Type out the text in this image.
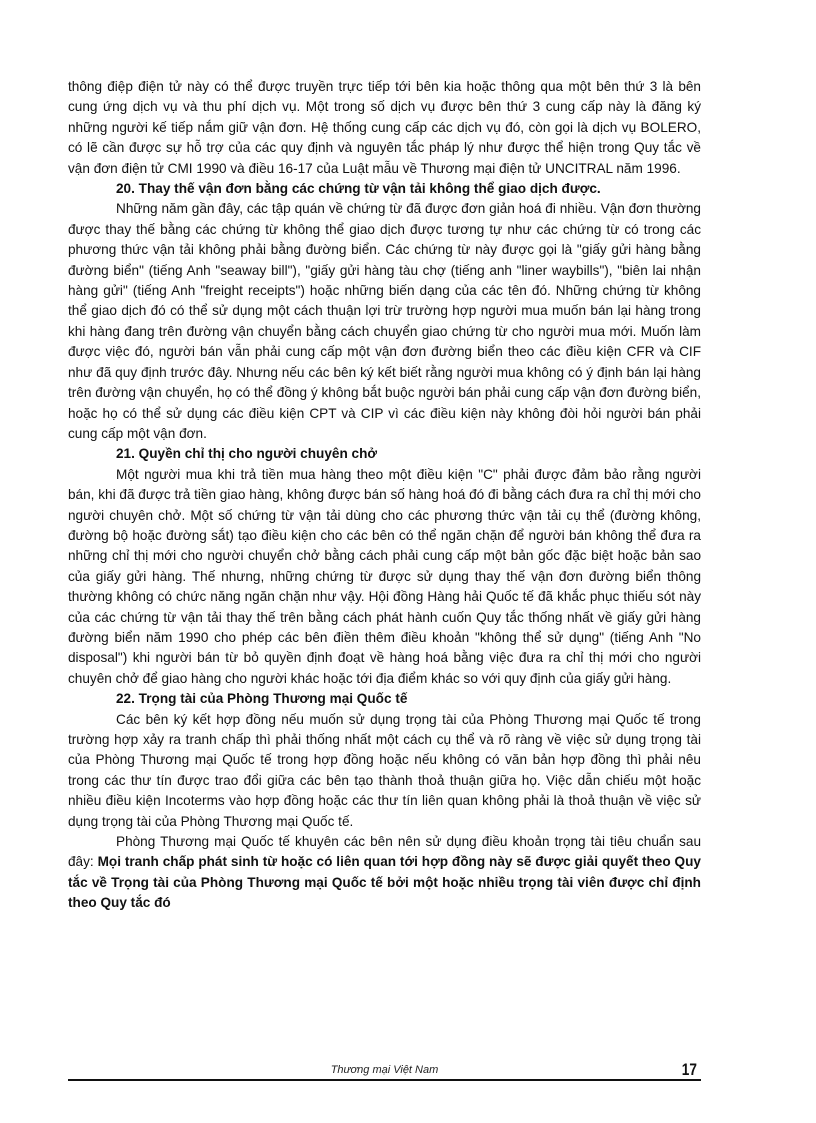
thông điệp điện tử này có thể được truyền trực tiếp tới bên kia hoặc thông qua một bên thứ 3 là bên cung ứng dịch vụ và thu phí dịch vụ. Một trong số dịch vụ được bên thứ 3 cung cấp này là đăng ký những người kế tiếp nắm giữ vận đơn. Hệ thống cung cấp các dịch vụ đó, còn gọi là dịch vụ BOLERO, có lẽ cần được sự hỗ trợ của các quy định và nguyên tắc pháp lý như được thể hiện trong Quy tắc về vận đơn điện tử CMI 1990 và điều 16-17 của Luật mẫu về Thương mại điện tử UNCITRAL năm 1996.

20. Thay thế vận đơn bằng các chứng từ vận tải không thể giao dịch được.

Những năm gần đây, các tập quán về chứng từ đã được đơn giản hoá đi nhiều. Vận đơn thường được thay thế bằng các chứng từ không thể giao dịch được tương tự như các chứng từ có trong các phương thức vận tải không phải bằng đường biển. Các chứng từ này được gọi là "giấy gửi hàng bằng đường biển" (tiếng Anh "seaway bill"), "giấy gửi hàng tàu chợ (tiếng anh "liner waybills"), "biên lai nhận hàng gửi" (tiếng Anh "freight receipts") hoặc những biến dạng của các tên đó. Những chứng từ không thể giao dịch đó có thể sử dụng một cách thuận lợi trừ trường hợp người mua muốn bán lại hàng trong khi hàng đang trên đường vận chuyển bằng cách chuyển giao chứng từ cho người mua mới. Muốn làm được việc đó, người bán vẫn phải cung cấp một vận đơn đường biển theo các điều kiện CFR và CIF như đã quy định trước đây. Nhưng nếu các bên ký kết biết rằng người mua không có ý định bán lại hàng trên đường vận chuyển, họ có thể đồng ý không bắt buộc người bán phải cung cấp vận đơn đường biển, hoặc họ có thể sử dụng các điều kiện CPT và CIP vì các điều kiện này không đòi hỏi người bán phải cung cấp một vận đơn.

21. Quyền chỉ thị cho người chuyên chở

Một người mua khi trả tiền mua hàng theo một điều kiện "C" phải được đảm bảo rằng người bán, khi đã được trả tiền giao hàng, không được bán số hàng hoá đó đi bằng cách đưa ra chỉ thị mới cho người chuyên chở. Một số chứng từ vận tải dùng cho các phương thức vận tải cụ thể (đường không, đường bộ hoặc đường sắt) tạo điều kiện cho các bên có thể ngăn chặn để người bán không thể đưa ra những chỉ thị mới cho người chuyển chở bằng cách phải cung cấp một bản gốc đặc biệt hoặc bản sao của giấy gửi hàng. Thế nhưng, những chứng từ được sử dụng thay thế vận đơn đường biển thông thường không có chức năng ngăn chặn như vậy. Hội đồng Hàng hải Quốc tế đã khắc phục thiếu sót này của các chứng từ vận tải thay thế trên bằng cách phát hành cuốn Quy tắc thống nhất về giấy gửi hàng đường biển năm 1990 cho phép các bên điền thêm điều khoản "không thể sử dụng" (tiếng Anh "No disposal") khi người bán từ bỏ quyền định đoạt về hàng hoá bằng việc đưa ra chỉ thị mới cho người chuyên chở để giao hàng cho người khác hoặc tới địa điểm khác so với quy định của giấy gửi hàng.

22. Trọng tài của Phòng Thương mại Quốc tế

Các bên ký kết hợp đồng nếu muốn sử dụng trọng tài của Phòng Thương mại Quốc tế trong trường hợp xảy ra tranh chấp thì phải thống nhất một cách cụ thể và rõ ràng về việc sử dụng trọng tài của Phòng Thương mại Quốc tế trong hợp đồng hoặc nếu không có văn bản hợp đồng thì phải nêu trong các thư tín được trao đổi giữa các bên tạo thành thoả thuận giữa họ. Việc dẫn chiếu một hoặc nhiều điều kiện Incoterms vào hợp đồng hoặc các thư tín liên quan không phải là thoả thuận về việc sử dụng trọng tài của Phòng Thương mại Quốc tế.

Phòng Thương mại Quốc tế khuyên các bên nên sử dụng điều khoản trọng tài tiêu chuẩn sau đây: Mọi tranh chấp phát sinh từ hoặc có liên quan tới hợp đồng này sẽ được giải quyết theo Quy tắc về Trọng tài của Phòng Thương mại Quốc tế bởi một hoặc nhiều trọng tài viên được chỉ định theo Quy tắc đó

Thương mại Việt Nam	17
